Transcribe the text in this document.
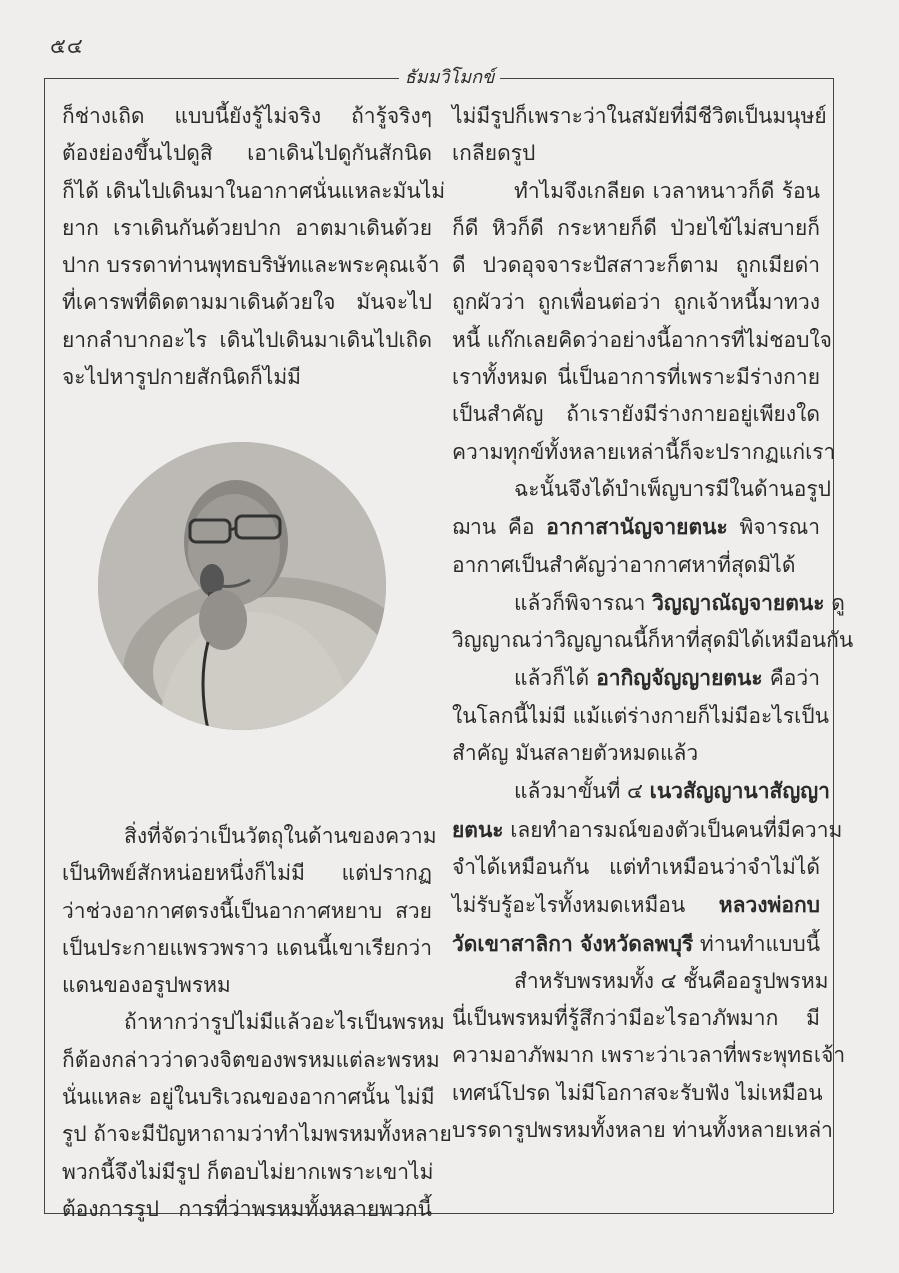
๕๔
ธัมมวิโมกข์
ก็ช่างเถิด แบบนี้ยังรู้ไม่จริง ถ้ารู้จริงๆ
ต้องย่องขึ้นไปดูสิ เอาเดินไปดูกันสักนิด
ก็ได้ เดินไปเดินมาในอากาศนั่นแหละมันไม่
ยาก เราเดินกันด้วยปาก อาตมาเดินด้วย
ปาก บรรดาท่านพุทธบริษัทและพระคุณเจ้า
ที่เคารพที่ติดตามมาเดินด้วยใจ มันจะไป
ยากลำบากอะไร เดินไปเดินมาเดินไปเถิด
จะไปหารูปกายสักนิดก็ไม่มี
สิ่งที่จัดว่าเป็นวัตถุในด้านของความ
เป็นทิพย์สักหน่อยหนึ่งก็ไม่มี แต่ปรากฏ
ว่าช่วงอากาศตรงนี้เป็นอากาศหยาบ สวย
เป็นประกายแพรวพราว แดนนี้เขาเรียกว่า
แดนของอรูปพรหม
ถ้าหากว่ารูปไม่มีแล้วอะไรเป็นพรหม
ก็ต้องกล่าวว่าดวงจิตของพรหมแต่ละพรหม
นั่นแหละ อยู่ในบริเวณของอากาศนั้น ไม่มี
รูป ถ้าจะมีปัญหาถามว่าทำไมพรหมทั้งหลาย
พวกนี้จึงไม่มีรูป ก็ตอบไม่ยากเพราะเขาไม่
ต้องการรูป การที่ว่าพรหมทั้งหลายพวกนี้
ไม่มีรูปก็เพราะว่าในสมัยที่มีชีวิตเป็นมนุษย์
เกลียดรูป
ทำไมจึงเกลียด เวลาหนาวก็ดี ร้อน
ก็ดี หิวก็ดี กระหายก็ดี ป่วยไข้ไม่สบายก็
ดี ปวดอุจจาระปัสสาวะก็ตาม ถูกเมียด่า
ถูกผัวว่า ถูกเพื่อนต่อว่า ถูกเจ้าหนี้มาทวง
หนี้ แก๊กเลยคิดว่าอย่างนี้อาการที่ไม่ชอบใจ
เราทั้งหมด นี่เป็นอาการที่เพราะมีร่างกาย
เป็นสำคัญ ถ้าเรายังมีร่างกายอยู่เพียงใด
ความทุกข์ทั้งหลายเหล่านี้ก็จะปรากฏแก่เรา
ฉะนั้นจึงได้บำเพ็ญบารมีในด้านอรูป
ฌาน คือ อากาสานัญจายตนะ พิจารณา
อากาศเป็นสำคัญว่าอากาศหาที่สุดมิได้
แล้วก็พิจารณา วิญญาณัญจายตนะ ดู
วิญญาณว่าวิญญาณนี้ก็หาที่สุดมิได้เหมือนกัน
แล้วก็ได้ อากิญจัญญายตนะ คือว่า
ในโลกนี้ไม่มี แม้แต่ร่างกายก็ไม่มีอะไรเป็น
สำคัญ มันสลายตัวหมดแล้ว
แล้วมาขั้นที่ ๔ เนวสัญญานาสัญญา
ยตนะ เลยทำอารมณ์ของตัวเป็นคนที่มีความ
จำได้เหมือนกัน แต่ทำเหมือนว่าจำไม่ได้
ไม่รับรู้อะไรทั้งหมดเหมือน หลวงพ่อกบ
วัดเขาสาลิกา จังหวัดลพบุรี ท่านทำแบบนี้
สำหรับพรหมทั้ง ๔ ชั้นคืออรูปพรหม
นี่เป็นพรหมที่รู้สึกว่ามีอะไรอาภัพมาก มี
ความอาภัพมาก เพราะว่าเวลาที่พระพุทธเจ้า
เทศน์โปรด ไม่มีโอกาสจะรับฟัง ไม่เหมือน
บรรดารูปพรหมทั้งหลาย ท่านทั้งหลายเหล่า
